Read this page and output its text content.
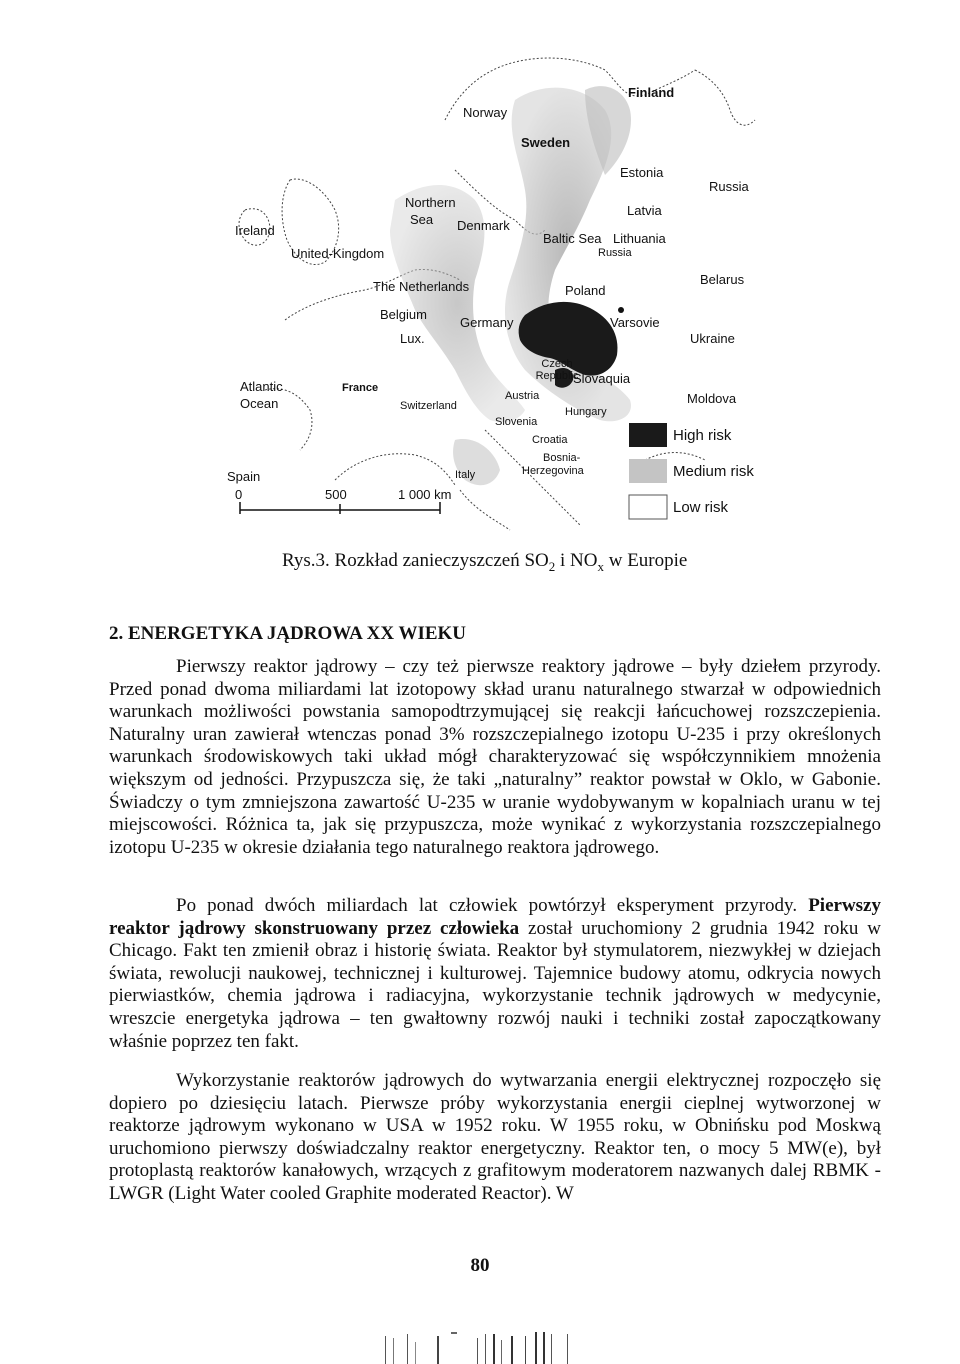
Finland
Norway
Sweden
Estonia
Russia
Latvia
Lithuania
Russia
Northern
Sea
Ireland	Denmark
Baltic Sea
United-Kingdom
Belarus
The Netherlands	Poland
Belgium
Germany	Varsovie
Lux.	Ukraine
Czech Republic
Slovaquia
Atlantic
Ocean
France
Austria	Moldova
Switzerland	Hungary
Slovenia
Croatia
Bosnia-
Herzegovina
Spain	Italy
0	500	1 000 km
High risk
Medium risk
Low risk
Rys.3. Rozkład zanieczyszczeń $SO_2$ i $NO_x$ w Europie
2. ENERGETYKA JĄDROWA XX WIEKU

Pierwszy reaktor jądrowy – czy też pierwsze reaktory jądrowe – były dziełem przyrody. Przed ponad dwoma miliardami lat izotopowy skład uranu naturalnego stwarzał w odpowiednich warunkach możliwości powstania samopodtrzymującej się reakcji łańcuchowej rozszczepienia. Naturalny uran zawierał wtenczas ponad 3% rozszczepialnego izotopu U-235 i przy określonych warunkach środowiskowych taki układ mógł charakteryzować się współczynnikiem mnożenia większym od jedności. Przypuszcza się, że taki „naturalny” reaktor powstał w Oklo, w Gabonie. Świadczy o tym zmniejszona zawartość U-235 w uranie wydobywanym w kopalniach uranu w tej miejscowości. Różnica ta, jak się przypuszcza, może wynikać z wykorzystania rozszczepialnego izotopu U-235 w okresie działania tego naturalnego reaktora jądrowego.

Po ponad dwóch miliardach lat człowiek powtórzył eksperyment przyrody. Pierwszy reaktor jądrowy skonstruowany przez człowieka został uruchomiony 2 grudnia 1942 roku w Chicago. Fakt ten zmienił obraz i historię świata. Reaktor był stymulatorem, niezwykłej w dziejach świata, rewolucji naukowej, technicznej i kulturowej. Tajemnice budowy atomu, odkrycia nowych pierwiastków, chemia jądrowa i radiacyjna, wykorzystanie technik jądrowych w medycynie, wreszcie energetyka jądrowa – ten gwałtowny rozwój nauki i techniki został zapoczątkowany właśnie poprzez ten fakt.

Wykorzystanie reaktorów jądrowych do wytwarzania energii elektrycznej rozpoczęło się dopiero po dziesięciu latach. Pierwsze próby wykorzystania energii cieplnej wytworzonej w reaktorze jądrowym wykonano w USA w 1952 roku. W 1955 roku, w Obnińsku pod Moskwą uruchomiono pierwszy doświadczalny reaktor energetyczny. Reaktor ten, o mocy 5 MW(e), był protoplastą reaktorów kanałowych, wrzących z grafitowym moderatorem nazwanych dalej RBMK - LWGR (Light Water cooled Graphite moderated Reactor). W

80
